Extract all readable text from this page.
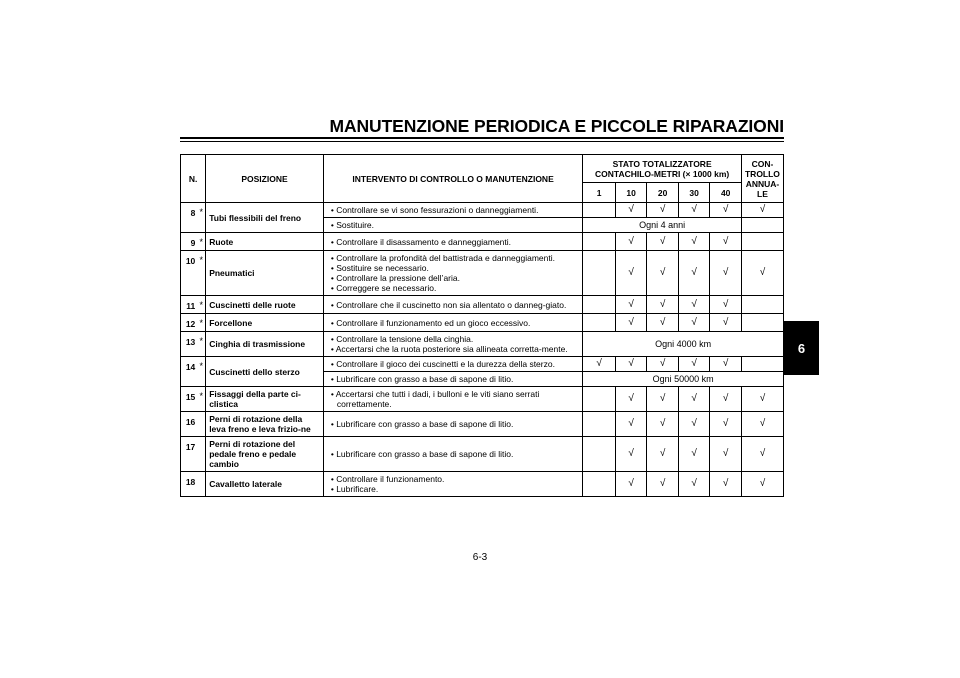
MANUTENZIONE PERIODICA E PICCOLE RIPARAZIONI
6
N.		POSIZIONE	INTERVENTO DI CONTROLLO O MANUTENZIONE	STATO TOTALIZZATORE CONTACHILO-METRI (× 1000 km)					CON-TROLLO ANNUA-LE
				1	10	20	30	40	
8	*	Tubi flessibili del freno	• Controllare se vi sono fessurazioni o danneggiamenti.		√	√	√	√	√

			• Sostituire.	Ogni 4 anni					
9	*	Ruote	• Controllare il disassamento e danneggiamenti.		√	√	√	√	
10	*	Pneumatici	• Controllare la profondità del battistrada e danneggiamenti.
• Sostituire se necessario.
• Controllare la pressione dell’aria.
• Correggere se necessario.		√	√	√	√	√
11	*	Cuscinetti delle ruote	• Controllare che il cuscinetto non sia allentato o danneg-giato.		√	√	√	√	
12	*	Forcellone	• Controllare il funzionamento ed un gioco eccessivo.		√	√	√	√	
13	*	Cinghia di trasmissione	• Controllare la tensione della cinghia.
• Accertarsi che la ruota posteriore sia allineata corretta-mente.	Ogni 4000 km					
14	*	Cuscinetti dello sterzo	• Controllare il gioco dei cuscinetti e la durezza della sterzo.	√	√	√	√	√	

			• Lubrificare con grasso a base di sapone di litio.	Ogni 50000 km					
15	*	Fissaggi della parte ci-clistica	• Accertarsi che tutti i dadi, i bulloni e le viti siano serrati correttamente.		√	√	√	√	√
16		Perni di rotazione della leva freno e leva frizio-ne	• Lubrificare con grasso a base di sapone di litio.		√	√	√	√	√
17		Perni di rotazione del pedale freno e pedale cambio	• Lubrificare con grasso a base di sapone di litio.		√	√	√	√	√
18		Cavalletto laterale	• Controllare il funzionamento.
• Lubrificare.		√	√	√	√	√
6-3
